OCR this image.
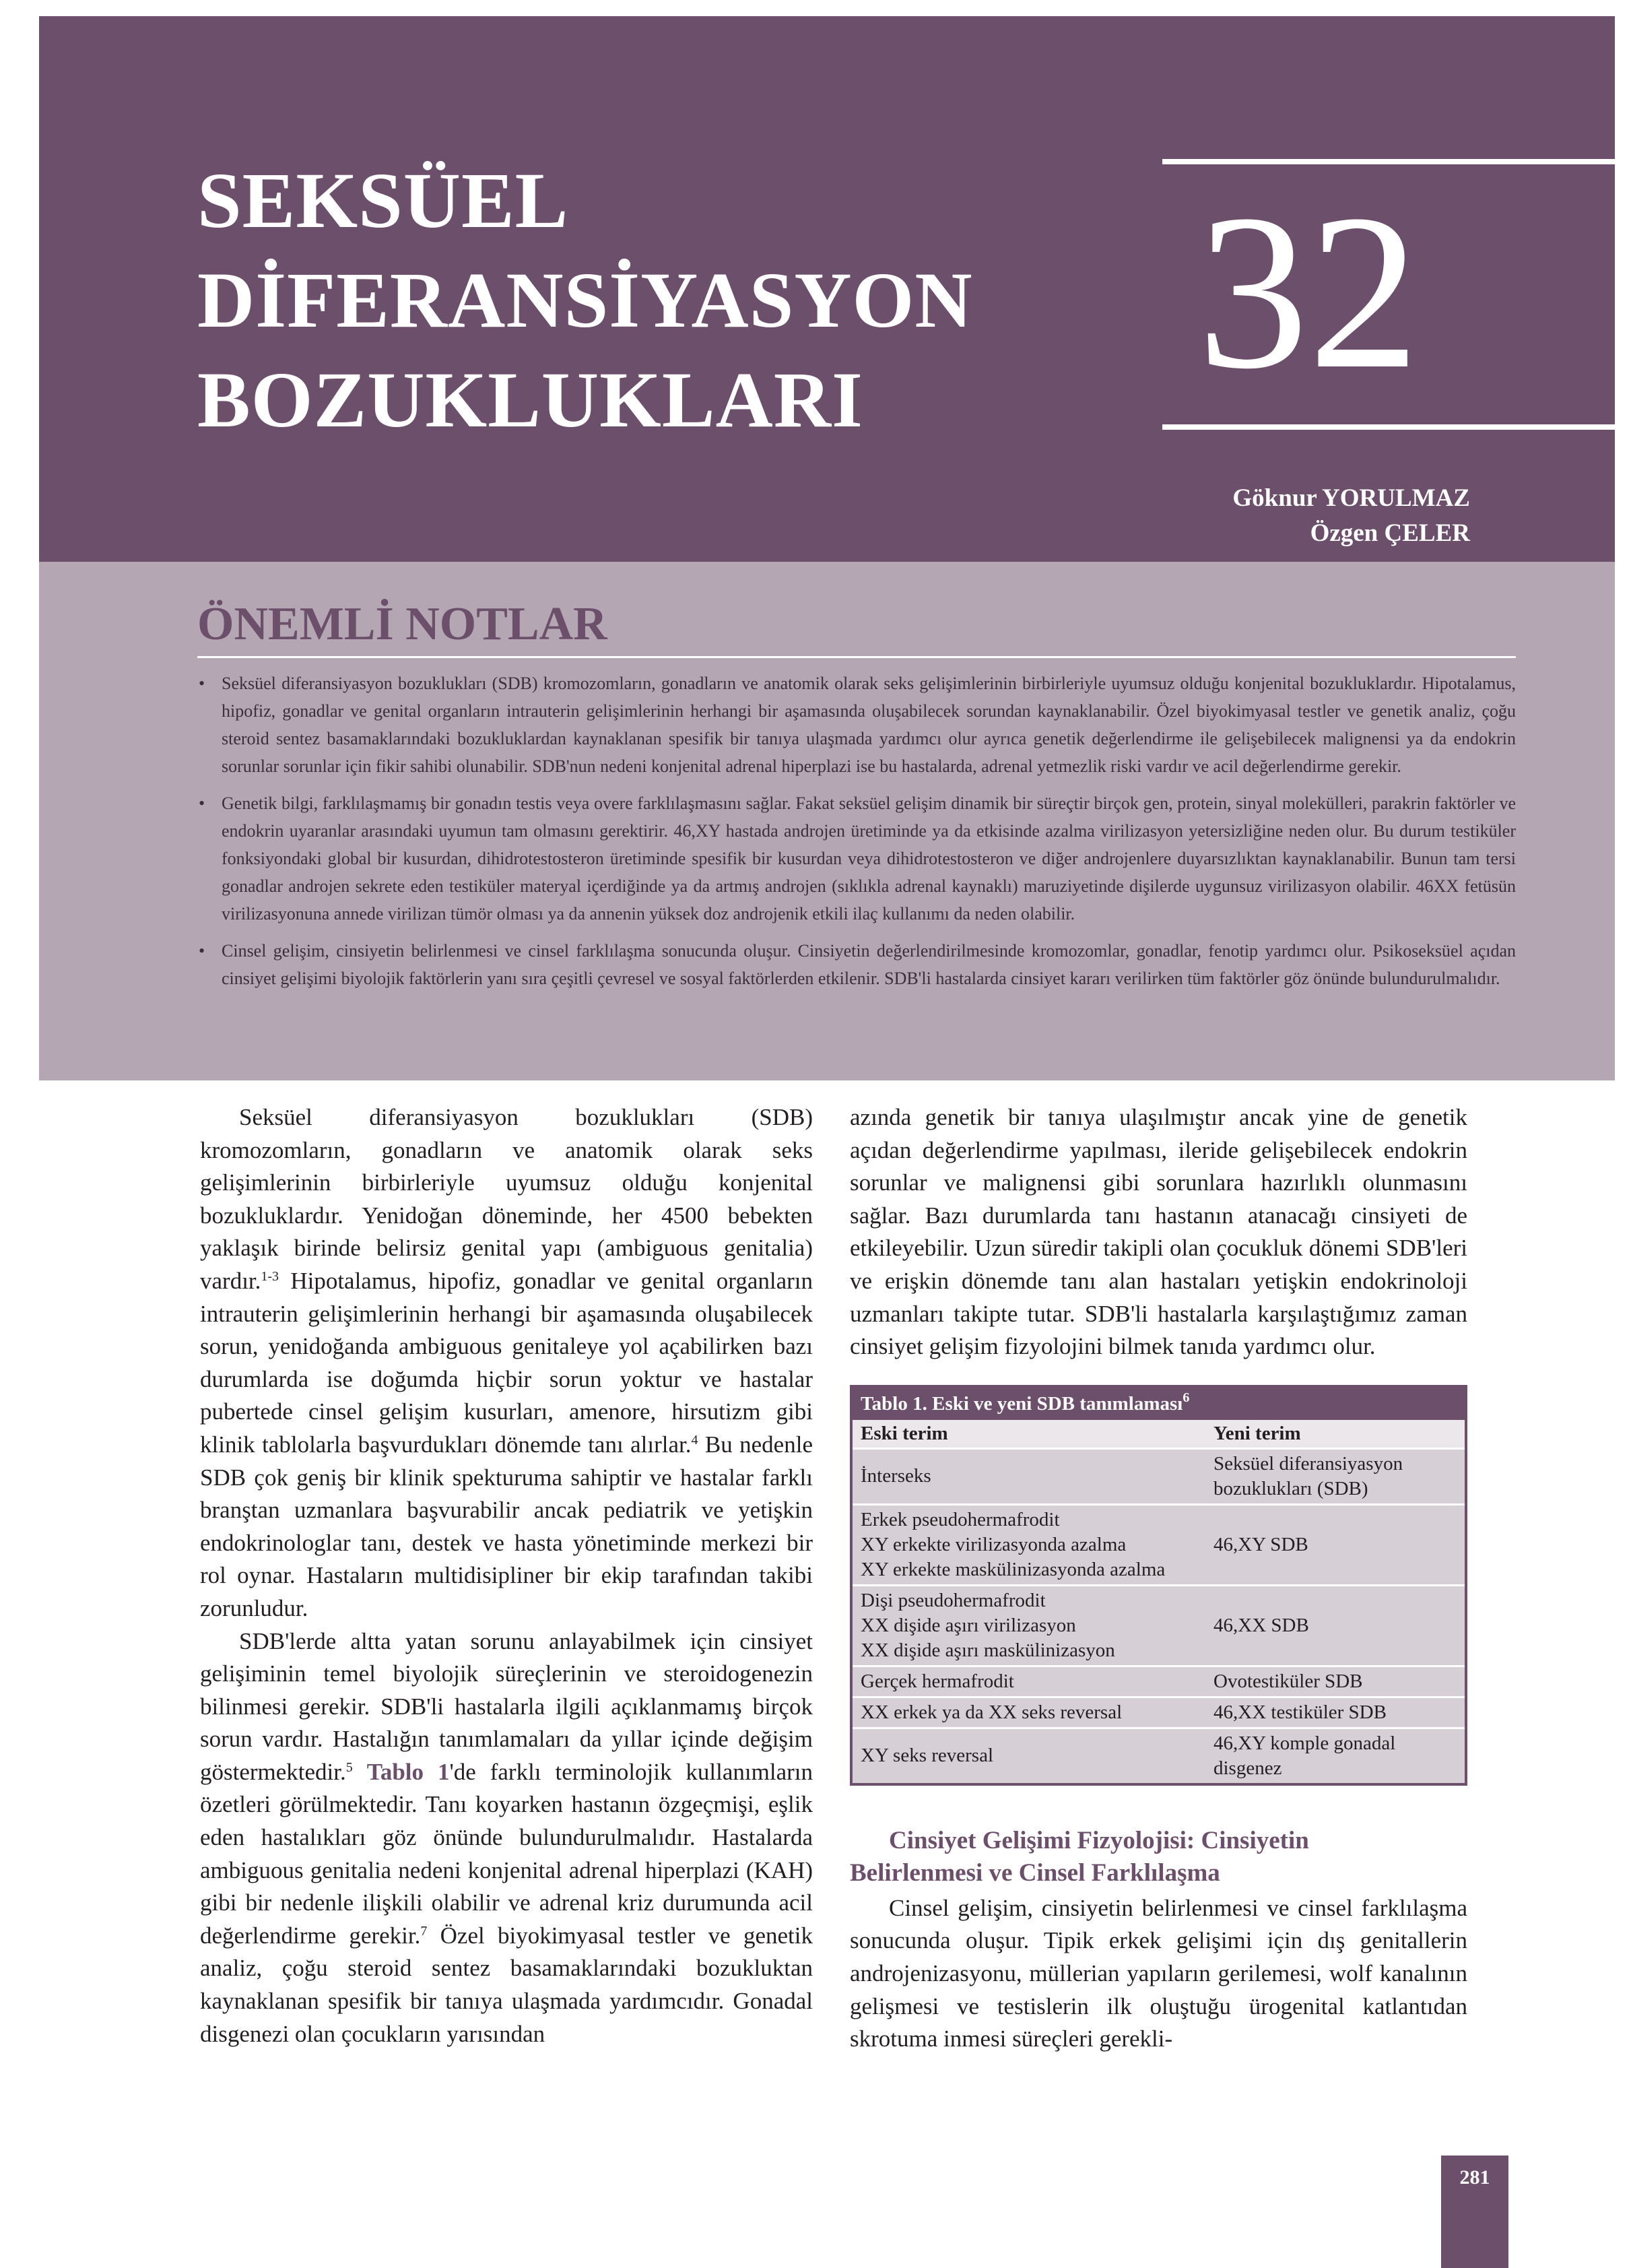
SEKSÜEL
DİFERANSİYASYON
BOZUKLUKLARI	32
Göknur YORULMAZ
Özgen ÇELER
ÖNEMLİ NOTLAR
• Seksüel diferansiyasyon bozuklukları (SDB) kromozomların, gonadların ve anatomik olarak seks gelişimlerinin birbirleriyle uyumsuz olduğu konjenital bozukluklardır. Hipotalamus, hipofiz, gonadlar ve genital organların intrauterin gelişimlerinin herhangi bir aşamasında oluşabilecek sorundan kaynaklanabilir. Özel biyokimyasal testler ve genetik analiz, çoğu steroid sentez basamaklarındaki bozukluklardan kaynaklanan spesifik bir tanıya ulaşmada yardımcı olur ayrıca genetik değerlendirme ile gelişebilecek malignensi ya da endokrin sorunlar sorunlar için fikir sahibi olunabilir. SDB'nun nedeni konjenital adrenal hiperplazi ise bu hastalarda, adrenal yetmezlik riski vardır ve acil değerlendirme gerekir.
• Genetik bilgi, farklılaşmamış bir gonadın testis veya overe farklılaşmasını sağlar. Fakat seksüel gelişim dinamik bir süreçtir birçok gen, protein, sinyal molekülleri, parakrin faktörler ve endokrin uyaranlar arasındaki uyumun tam olmasını gerektirir. 46,XY hastada androjen üretiminde ya da etkisinde azalma virilizasyon yetersizliğine neden olur. Bu durum testiküler fonksiyondaki global bir kusurdan, dihidrotestosteron üretiminde spesifik bir kusurdan veya dihidrotestosteron ve diğer androjenlere duyarsızlıktan kaynaklanabilir. Bunun tam tersi gonadlar androjen sekrete eden testiküler materyal içerdiğinde ya da artmış androjen (sıklıkla adrenal kaynaklı) maruziyetinde dişilerde uygunsuz virilizasyon olabilir. 46XX fetüsün virilizasyonuna annede virilizan tümör olması ya da annenin yüksek doz androjenik etkili ilaç kullanımı da neden olabilir.
• Cinsel gelişim, cinsiyetin belirlenmesi ve cinsel farklılaşma sonucunda oluşur. Cinsiyetin değerlendirilmesinde kromozomlar, gonadlar, fenotip yardımcı olur. Psikoseksüel açıdan cinsiyet gelişimi biyolojik faktörlerin yanı sıra çeşitli çevresel ve sosyal faktörlerden etkilenir. SDB'li hastalarda cinsiyet kararı verilirken tüm faktörler göz önünde bulundurulmalıdır.

Seksüel diferansiyasyon bozuklukları (SDB) kromozomların, gonadların ve anatomik olarak seks gelişimlerinin birbirleriyle uyumsuz olduğu konjenital bozukluklardır. Yenidoğan döneminde, her 4500 bebekten yaklaşık birinde belirsiz genital yapı (ambiguous genitalia) vardır.$^{1-3}$ Hipotalamus, hipofiz, gonadlar ve genital organların intrauterin gelişimlerinin herhangi bir aşamasında oluşabilecek sorun, yenidoğanda ambiguous genitaleye yol açabilirken bazı durumlarda ise doğumda hiçbir sorun yoktur ve hastalar pubertede cinsel gelişim kusurları, amenore, hirsutizm gibi klinik tablolarla başvurdukları dönemde tanı alırlar.$^4$ Bu nedenle SDB çok geniş bir klinik spekturuma sahiptir ve hastalar farklı branştan uzmanlara başvurabilir ancak pediatrik ve yetişkin endokrinologlar tanı, destek ve hasta yönetiminde merkezi bir rol oynar. Hastaların multidisipliner bir ekip tarafından takibi zorunludur.

SDB'lerde altta yatan sorunu anlayabilmek için cinsiyet gelişiminin temel biyolojik süreçlerinin ve steroidogenezin bilinmesi gerekir. SDB'li hastalarla ilgili açıklanmamış birçok sorun vardır. Hastalığın tanımlamaları da yıllar içinde değişim göstermektedir.$^5$ Tablo 1'de farklı terminolojik kullanımların özetleri görülmektedir. Tanı koyarken hastanın özgeçmişi, eşlik eden hastalıkları göz önünde bulundurulmalıdır. Hastalarda ambiguous genitalia nedeni konjenital adrenal hiperplazi (KAH) gibi bir nedenle ilişkili olabilir ve adrenal kriz durumunda acil değerlendirme gerekir.$^7$ Özel biyokimyasal testler ve genetik analiz, çoğu steroid sentez basamaklarındaki bozukluktan kaynaklanan spesifik bir tanıya ulaşmada yardımcıdır. Gonadal disgenezi olan çocukların yarısından

azında genetik bir tanıya ulaşılmıştır ancak yine de genetik açıdan değerlendirme yapılması, ileride gelişebilecek endokrin sorunlar ve malignensi gibi sorunlara hazırlıklı olunmasını sağlar. Bazı durumlarda tanı hastanın atanacağı cinsiyeti de etkileyebilir. Uzun süredir takipli olan çocukluk dönemi SDB'leri ve erişkin dönemde tanı alan hastaları yetişkin endokrinoloji uzmanları takipte tutar. SDB'li hastalarla karşılaştığımız zaman cinsiyet gelişim fizyolojini bilmek tanıda yardımcı olur.

Tablo 1. Eski ve yeni SDB tanımlaması$^6$
Eski terim	Yeni terim

İnterseks	Seksüel diferansiyasyon
bozuklukları (SDB)

Erkek pseudohermafrodit
XY erkekte virilizasyonda azalma
XY erkekte maskülinizasyonda azalma	46,XY SDB

Dişi pseudohermafrodit
XX dişide aşırı virilizasyon
XX dişide aşırı maskülinizasyon	46,XX SDB

Gerçek hermafrodit	Ovotestiküler SDB

XX erkek ya da XX seks reversal	46,XX testiküler SDB

XY seks reversal	46,XY komple gonadal
disgenez
Cinsiyet Gelişimi Fizyolojisi: Cinsiyetin
Belirlenmesi ve Cinsel Farklılaşma

Cinsel gelişim, cinsiyetin belirlenmesi ve cinsel farklılaşma sonucunda oluşur. Tipik erkek gelişimi için dış genitallerin androjenizasyonu, müllerian yapıların gerilemesi, wolf kanalının gelişmesi ve testislerin ilk oluştuğu ürogenital katlantıdan skrotuma inmesi süreçleri gerekli-

281
